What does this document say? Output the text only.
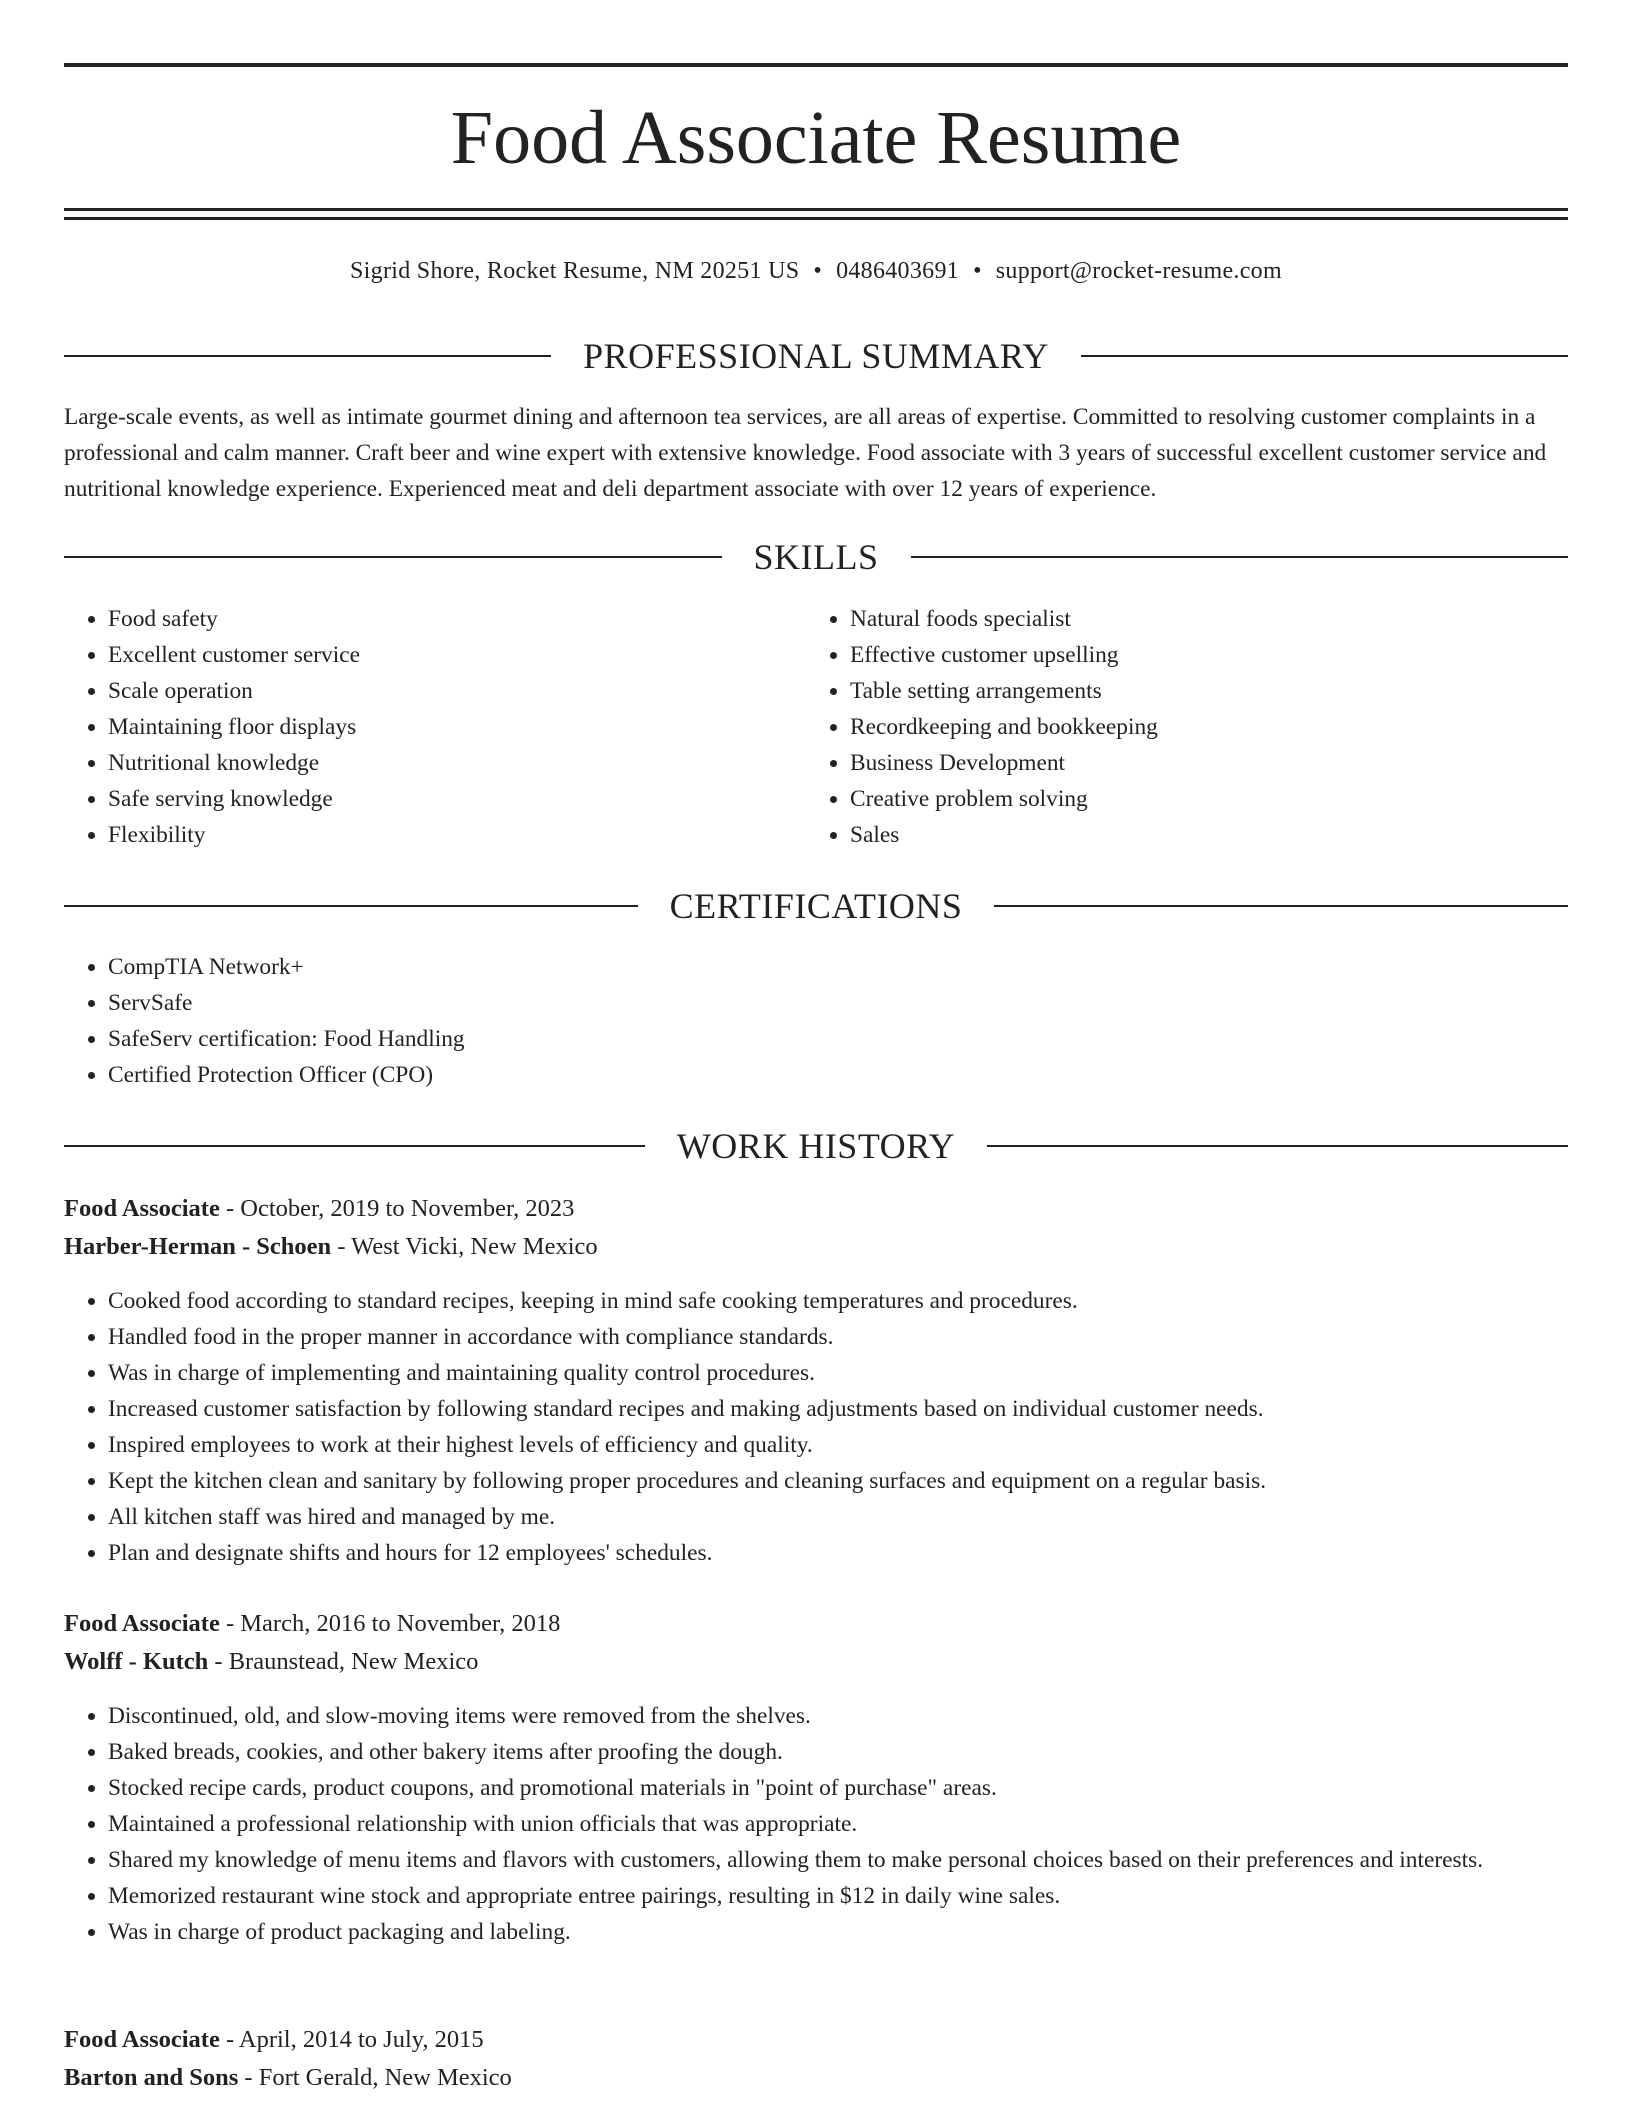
Food Associate Resume
Sigrid Shore, Rocket Resume, NM 20251 US • 0486403691 • support@rocket-resume.com
PROFESSIONAL SUMMARY

Large-scale events, as well as intimate gourmet dining and afternoon tea services, are all areas of expertise. Committed to resolving customer complaints in a professional and calm manner. Craft beer and wine expert with extensive knowledge. Food associate with 3 years of successful excellent customer service and nutritional knowledge experience. Experienced meat and deli department associate with over 12 years of experience.

SKILLS
• Food safety
• Excellent customer service
• Scale operation
• Maintaining floor displays
• Nutritional knowledge
• Safe serving knowledge
• Flexibility
• Natural foods specialist
• Effective customer upselling
• Table setting arrangements
• Recordkeeping and bookkeeping
• Business Development
• Creative problem solving
• Sales
CERTIFICATIONS
• CompTIA Network+
• ServSafe
• SafeServ certification: Food Handling
• Certified Protection Officer (CPO)
WORK HISTORY
Food Associate - October, 2019 to November, 2023
Harber-Herman - Schoen - West Vicki, New Mexico
• Cooked food according to standard recipes, keeping in mind safe cooking temperatures and procedures.
• Handled food in the proper manner in accordance with compliance standards.
• Was in charge of implementing and maintaining quality control procedures.
• Increased customer satisfaction by following standard recipes and making adjustments based on individual customer needs.
• Inspired employees to work at their highest levels of efficiency and quality.
• Kept the kitchen clean and sanitary by following proper procedures and cleaning surfaces and equipment on a regular basis.
• All kitchen staff was hired and managed by me.
• Plan and designate shifts and hours for 12 employees' schedules.
Food Associate - March, 2016 to November, 2018
Wolff - Kutch - Braunstead, New Mexico
• Discontinued, old, and slow-moving items were removed from the shelves.
• Baked breads, cookies, and other bakery items after proofing the dough.
• Stocked recipe cards, product coupons, and promotional materials in "point of purchase" areas.
• Maintained a professional relationship with union officials that was appropriate.
• Shared my knowledge of menu items and flavors with customers, allowing them to make personal choices based on their preferences and interests.
• Memorized restaurant wine stock and appropriate entree pairings, resulting in $12 in daily wine sales.
• Was in charge of product packaging and labeling.
Food Associate - April, 2014 to July, 2015
Barton and Sons - Fort Gerald, New Mexico
